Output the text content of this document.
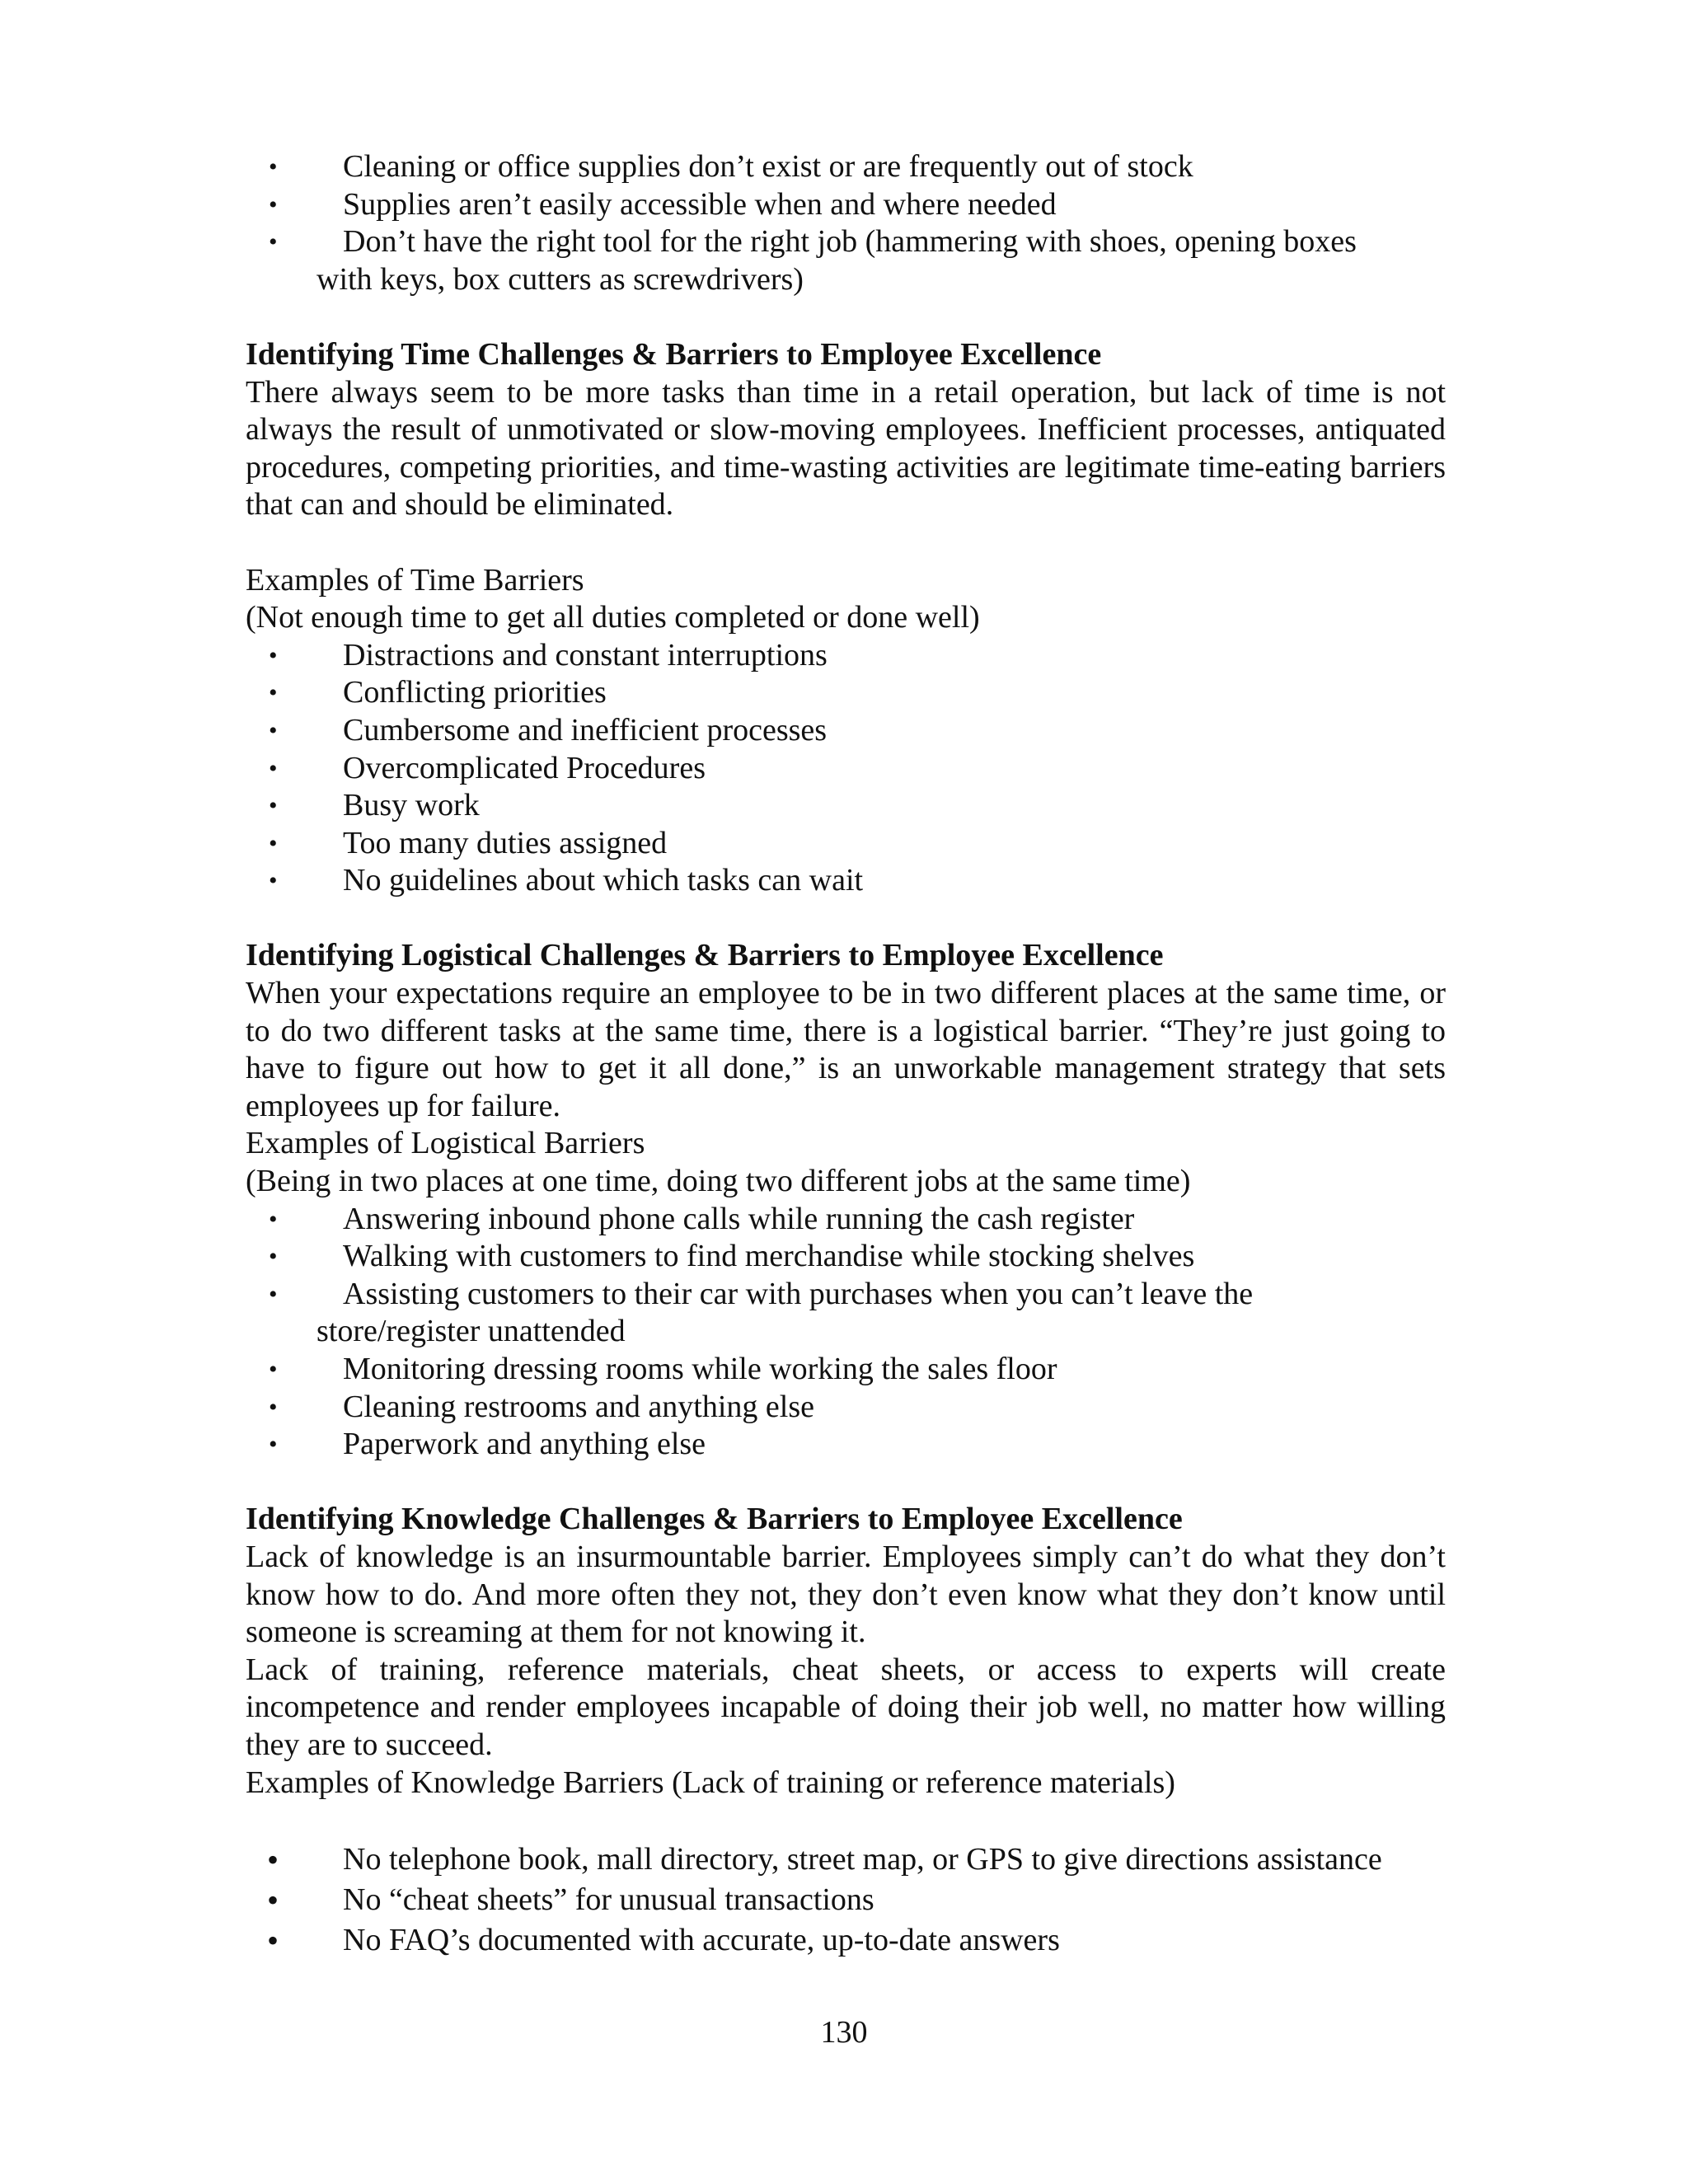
• Cleaning or office supplies don’t exist or are frequently out of stock
• Supplies aren’t easily accessible when and where needed
• Don’t have the right tool for the right job (hammering with shoes, opening boxes
with keys, box cutters as screwdrivers)

Identifying Time Challenges & Barriers to Employee Excellence

There always seem to be more tasks than time in a retail operation, but lack of time is not always the result of unmotivated or slow-moving employees. Inefficient processes, antiquated procedures, competing priorities, and time-wasting activities are legitimate time-eating barriers that can and should be eliminated.

Examples of Time Barriers

(Not enough time to get all duties completed or done well)

• Distractions and constant interruptions
• Conflicting priorities
• Cumbersome and inefficient processes
• Overcomplicated Procedures
• Busy work
• Too many duties assigned
• No guidelines about which tasks can wait

Identifying Logistical Challenges & Barriers to Employee Excellence

When your expectations require an employee to be in two different places at the same time, or to do two different tasks at the same time, there is a logistical barrier. “They’re just going to have to figure out how to get it all done,” is an unworkable management strategy that sets employees up for failure.

Examples of Logistical Barriers

(Being in two places at one time, doing two different jobs at the same time)

• Answering inbound phone calls while running the cash register
• Walking with customers to find merchandise while stocking shelves
• Assisting customers to their car with purchases when you can’t leave the
store/register unattended
• Monitoring dressing rooms while working the sales floor
• Cleaning restrooms and anything else
• Paperwork and anything else

Identifying Knowledge Challenges & Barriers to Employee Excellence

Lack of knowledge is an insurmountable barrier. Employees simply can’t do what they don’t know how to do. And more often they not, they don’t even know what they don’t know until someone is screaming at them for not knowing it.

Lack of training, reference materials, cheat sheets, or access to experts will create incompetence and render employees incapable of doing their job well, no matter how willing they are to succeed.

Examples of Knowledge Barriers (Lack of training or reference materials)

• No telephone book, mall directory, street map, or GPS to give directions assistance
• No “cheat sheets” for unusual transactions
• No FAQ’s documented with accurate, up-to-date answers
130
